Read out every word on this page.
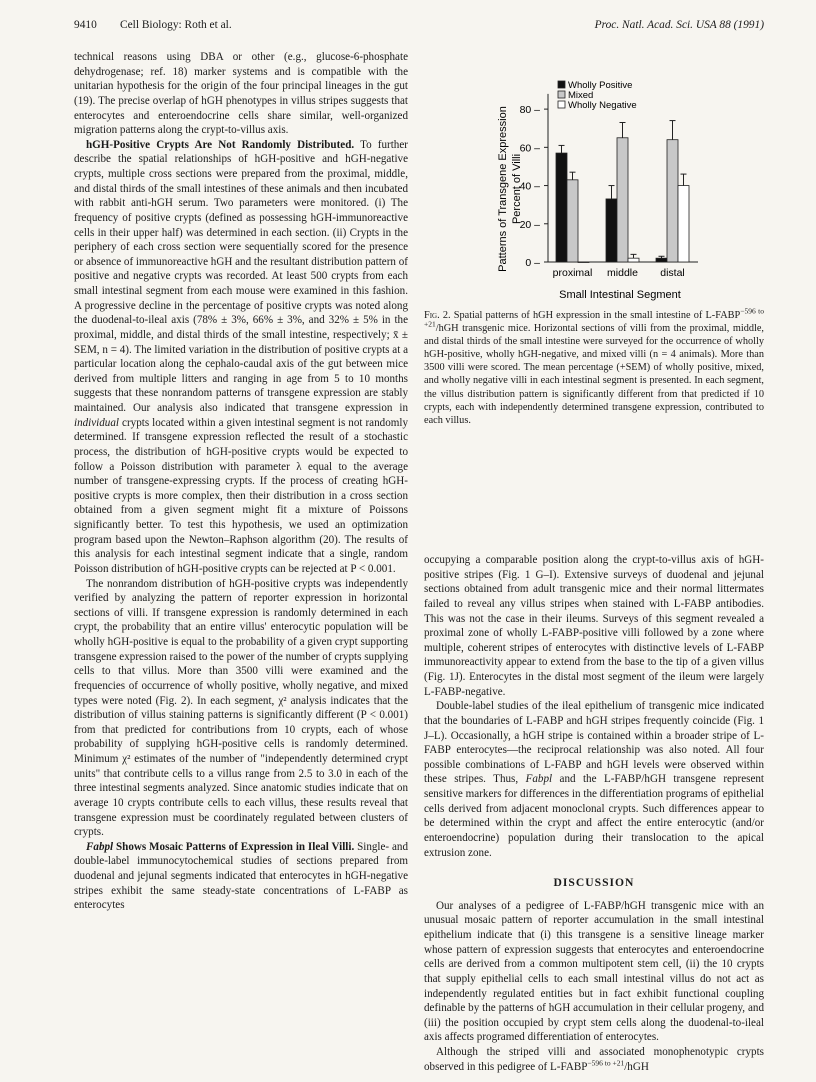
9410 Cell Biology: Roth et al.	Proc. Natl. Acad. Sci. USA 88 (1991)

technical reasons using DBA or other (e.g., glucose-6-phosphate dehydrogenase; ref. 18) marker systems and is compatible with the unitarian hypothesis for the origin of the four principal lineages in the gut (19). The precise overlap of hGH phenotypes in villus stripes suggests that enterocytes and enteroendocrine cells share similar, well-organized migration patterns along the crypt-to-villus axis.

hGH-Positive Crypts Are Not Randomly Distributed. To further describe the spatial relationships of hGH-positive and hGH-negative crypts, multiple cross sections were prepared from the proximal, middle, and distal thirds of the small intestines of these animals and then incubated with rabbit anti-hGH serum. Two parameters were monitored. (i) The frequency of positive crypts (defined as possessing hGH-immunoreactive cells in their upper half) was determined in each section. (ii) Crypts in the periphery of each cross section were sequentially scored for the presence or absence of immunoreactive hGH and the resultant distribution pattern of positive and negative crypts was recorded. At least 500 crypts from each small intestinal segment from each mouse were examined in this fashion. A progressive decline in the percentage of positive crypts was noted along the duodenal-to-ileal axis (78% ± 3%, 66% ± 3%, and 32% ± 5% in the proximal, middle, and distal thirds of the small intestine, respectively; x̄ ± SEM, n = 4). The limited variation in the distribution of positive crypts at a particular location along the cephalo-caudal axis of the gut between mice derived from multiple litters and ranging in age from 5 to 10 months suggests that these nonrandom patterns of transgene expression are stably maintained. Our analysis also indicated that transgene expression in individual crypts located within a given intestinal segment is not randomly determined. If transgene expression reflected the result of a stochastic process, the distribution of hGH-positive crypts would be expected to follow a Poisson distribution with parameter λ equal to the average number of transgene-expressing crypts. If the process of creating hGH-positive crypts is more complex, then their distribution in a cross section obtained from a given segment might fit a mixture of Poissons significantly better. To test this hypothesis, we used an optimization program based upon the Newton–Raphson algorithm (20). The results of this analysis for each intestinal segment indicate that a single, random Poisson distribution of hGH-positive crypts can be rejected at P < 0.001.

The nonrandom distribution of hGH-positive crypts was independently verified by analyzing the pattern of reporter expression in horizontal sections of villi. If transgene expression is randomly determined in each crypt, the probability that an entire villus' enterocytic population will be wholly hGH-positive is equal to the probability of a given crypt supporting transgene expression raised to the power of the number of crypts supplying cells to that villus. More than 3500 villi were examined and the frequencies of occurrence of wholly positive, wholly negative, and mixed types were noted (Fig. 2). In each segment, χ² analysis indicates that the distribution of villus staining patterns is significantly different (P < 0.001) from that predicted for contributions from 10 crypts, each of whose probability of supplying hGH-positive cells is randomly determined. Minimum χ² estimates of the number of "independently determined crypt units" that contribute cells to a villus range from 2.5 to 3.0 in each of the three intestinal segments analyzed. Since anatomic studies indicate that on average 10 crypts contribute cells to each villus, these results reveal that transgene expression must be coordinately regulated between clusters of crypts.

Fabpl Shows Mosaic Patterns of Expression in Ileal Villi. Single- and double-label immunocytochemical studies of sections prepared from duodenal and jejunal segments indicated that enterocytes in hGH-negative stripes exhibit the same steady-state concentrations of L-FABP as enterocytes

Patterns of Transgene Expression Percent of Villi
Small Intestinal Segment
0 –
20 –
40 –
60 –
80 –
proximal middle distal
Wholly Positive
Mixed
Wholly Negative
Fig. 2. Spatial patterns of hGH expression in the small intestine of $L-FABP^{-596 to +21}$/hGH transgenic mice. Horizontal sections of villi from the proximal, middle, and distal thirds of the small intestine were surveyed for the occurrence of wholly hGH-positive, wholly hGH-negative, and mixed villi (n = 4 animals). More than 3500 villi were scored. The mean percentage (+SEM) of wholly positive, mixed, and wholly negative villi in each intestinal segment is presented. In each segment, the villus distribution pattern is significantly different from that predicted if 10 crypts, each with independently determined transgene expression, contributed to each villus.

occupying a comparable position along the crypt-to-villus axis of hGH-positive stripes (Fig. 1 G–I). Extensive surveys of duodenal and jejunal sections obtained from adult transgenic mice and their normal littermates failed to reveal any villus stripes when stained with L-FABP antibodies. This was not the case in their ileums. Surveys of this segment revealed a proximal zone of wholly L-FABP-positive villi followed by a zone where multiple, coherent stripes of enterocytes with distinctive levels of L-FABP immunoreactivity appear to extend from the base to the tip of a given villus (Fig. 1J). Enterocytes in the distal most segment of the ileum were largely L-FABP-negative.

Double-label studies of the ileal epithelium of transgenic mice indicated that the boundaries of L-FABP and hGH stripes frequently coincide (Fig. 1 J–L). Occasionally, a hGH stripe is contained within a broader stripe of L-FABP enterocytes—the reciprocal relationship was also noted. All four possible combinations of L-FABP and hGH levels were observed within these stripes. Thus, Fabpl and the L-FABP/hGH transgene represent sensitive markers for differences in the differentiation programs of epithelial cells derived from adjacent monoclonal crypts. Such differences appear to be determined within the crypt and affect the entire enterocytic (and/or enteroendocrine) population during their translocation to the apical extrusion zone.

DISCUSSION

Our analyses of a pedigree of L-FABP/hGH transgenic mice with an unusual mosaic pattern of reporter accumulation in the small intestinal epithelium indicate that (i) this transgene is a sensitive lineage marker whose pattern of expression suggests that enterocytes and enteroendocrine cells are derived from a common multipotent stem cell, (ii) the 10 crypts that supply epithelial cells to each small intestinal villus do not act as independently regulated entities but in fact exhibit functional coupling definable by the patterns of hGH accumulation in their cellular progeny, and (iii) the position occupied by crypt stem cells along the duodenal-to-ileal axis affects programed differentiation of enterocytes.

Although the striped villi and associated monophenotypic crypts observed in this pedigree of $L-FABP^{-596 to +21}$/hGH
